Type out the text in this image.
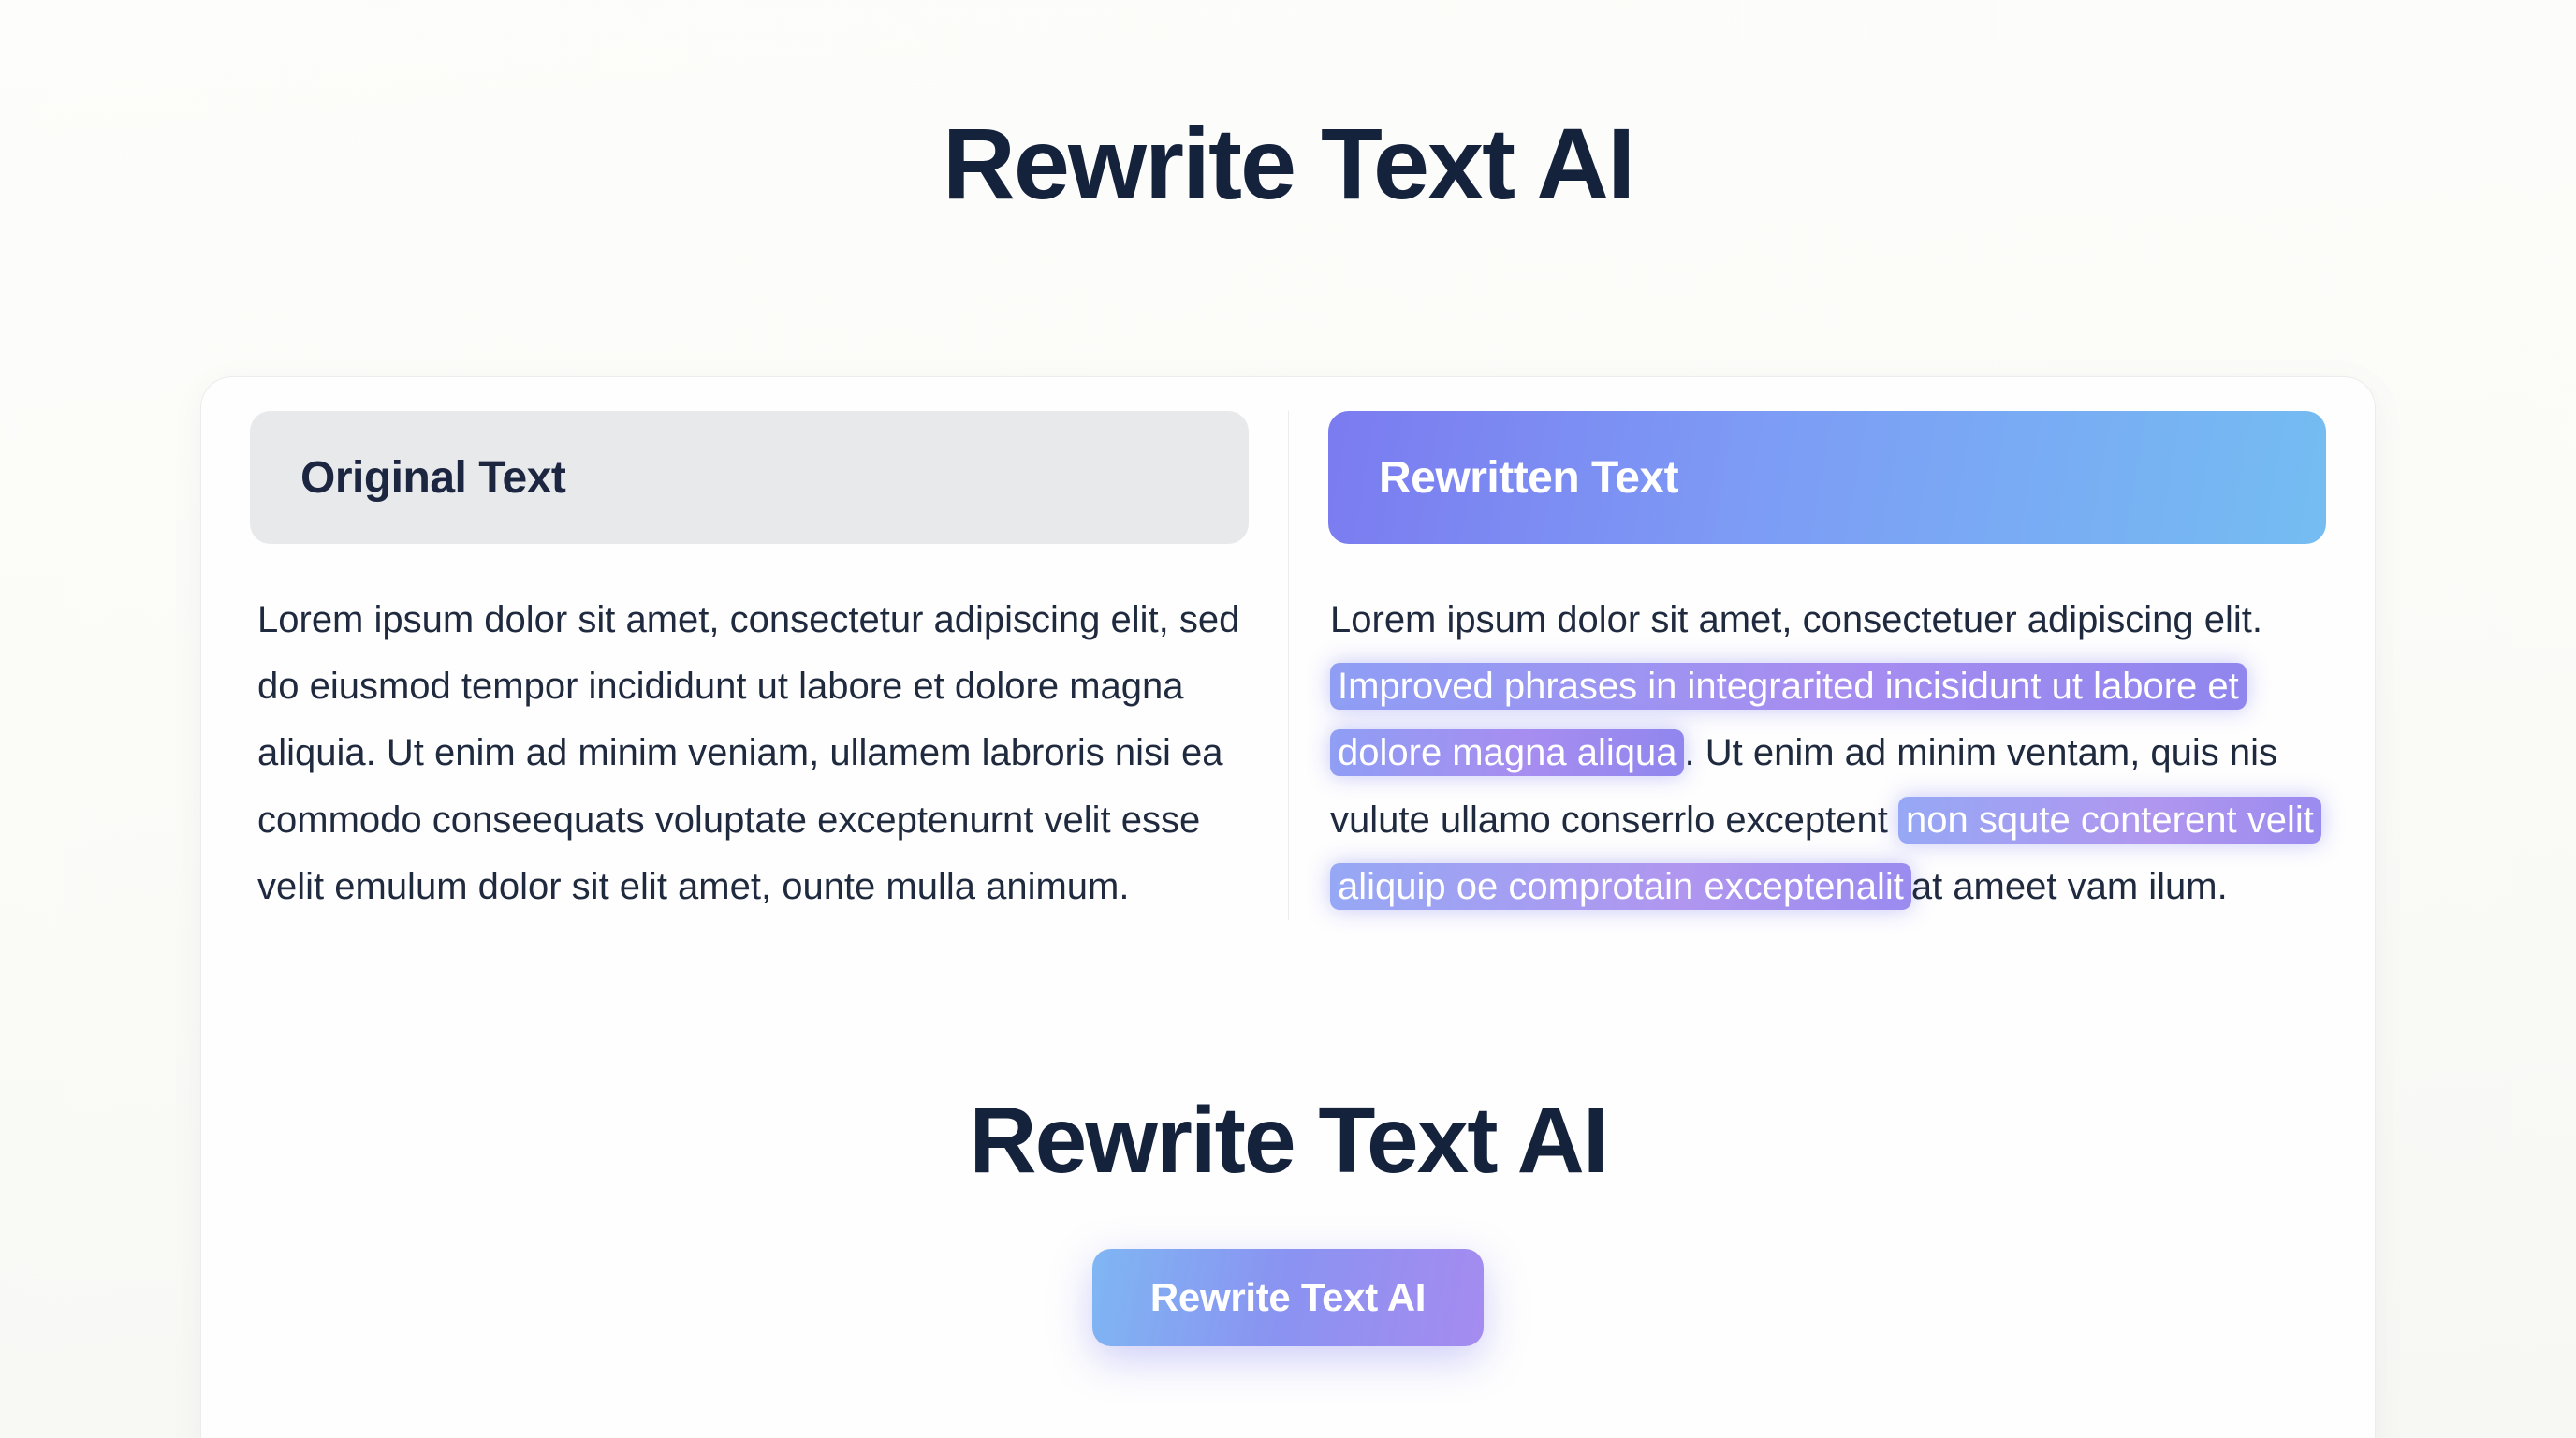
Rewrite Text AI
Original Text
Lorem ipsum dolor sit amet, consectetur adipiscing elit, sed do eiusmod tempor incididunt ut labore et dolore magna aliquia. Ut enim ad minim veniam, ullamem labroris nisi ea commodo conseequats voluptate exceptenurnt velit esse velit emulum dolor sit elit amet, ounte mulla animum.
Rewritten Text
Lorem ipsum dolor sit amet, consectetuer adipiscing elit. Improved phrases in integrarited incisidunt ut labore et dolore magna aliqua . Ut enim ad minim ventam, quis nis vulute ullamo conserrlo exceptent non squte conterent velit aliquip oe comprotain exceptenalit at ameet vam ilum.
Rewrite Text AI
Rewrite Text AI
